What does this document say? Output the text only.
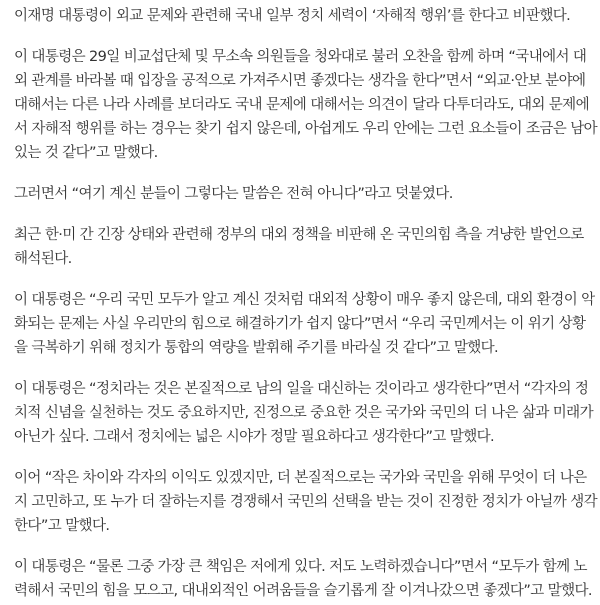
이재명 대통령이 외교 문제와 관련해 국내 일부 정치 세력이 ‘자해적 행위’를 한다고 비판했다.

이 대통령은 29일 비교섭단체 및 무소속 의원들을 청와대로 불러 오찬을 함께 하며 “국내에서 대
외 관계를 바라볼 때 입장을 공적으로 가져주시면 좋겠다는 생각을 한다”면서 “외교·안보 분야에
대해서는 다른 나라 사례를 보더라도 국내 문제에 대해서는 의견이 달라 다투더라도, 대외 문제에
서 자해적 행위를 하는 경우는 찾기 쉽지 않은데, 아쉽게도 우리 안에는 그런 요소들이 조금은 남아
있는 것 같다”고 말했다.

그러면서 “여기 계신 분들이 그렇다는 말씀은 전혀 아니다”라고 덧붙였다.

최근 한·미 간 긴장 상태와 관련해 정부의 대외 정책을 비판해 온 국민의힘 측을 겨냥한 발언으로
해석된다.

이 대통령은 “우리 국민 모두가 알고 계신 것처럼 대외적 상황이 매우 좋지 않은데, 대외 환경이 악
화되는 문제는 사실 우리만의 힘으로 해결하기가 쉽지 않다”면서 “우리 국민께서는 이 위기 상황
을 극복하기 위해 정치가 통합의 역량을 발휘해 주기를 바라실 것 같다”고 말했다.

이 대통령은 “정치라는 것은 본질적으로 남의 일을 대신하는 것이라고 생각한다”면서 “각자의 정
치적 신념을 실천하는 것도 중요하지만, 진정으로 중요한 것은 국가와 국민의 더 나은 삶과 미래가
아닌가 싶다. 그래서 정치에는 넓은 시야가 정말 필요하다고 생각한다”고 말했다.

이어 “작은 차이와 각자의 이익도 있겠지만, 더 본질적으로는 국가와 국민을 위해 무엇이 더 나은
지 고민하고, 또 누가 더 잘하는지를 경쟁해서 국민의 선택을 받는 것이 진정한 정치가 아닐까 생각
한다”고 말했다.

이 대통령은 “물론 그중 가장 큰 책임은 저에게 있다. 저도 노력하겠습니다”면서 “모두가 함께 노
력해서 국민의 힘을 모으고, 대내외적인 어려움들을 슬기롭게 잘 이겨나갔으면 좋겠다”고 말했다.
